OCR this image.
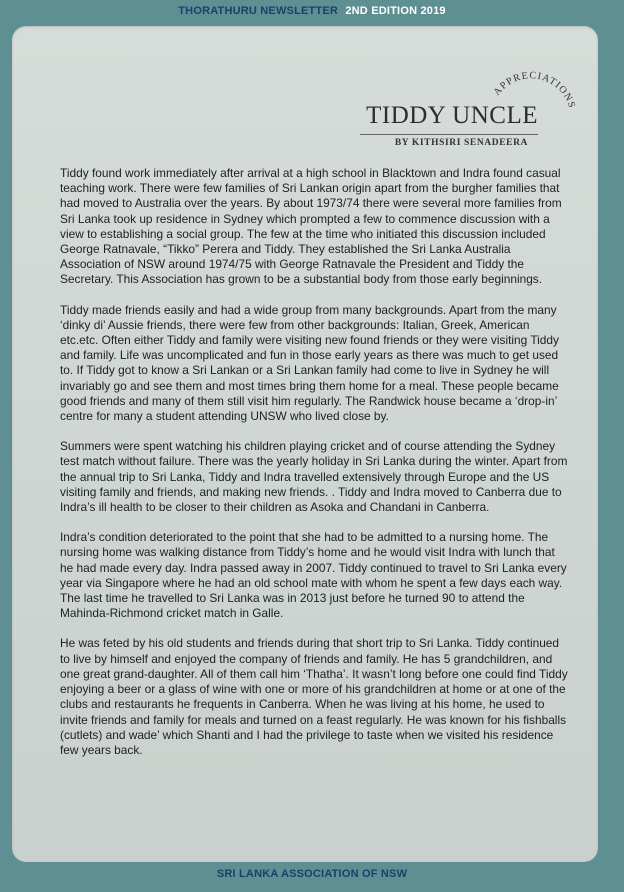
THORATHURU NEWSLETTER 2ND EDITION 2019
APPRECIATIONS
TIDDY UNCLE
BY KITHSIRI SENADEERA

Tiddy found work immediately after arrival at a high school in Blacktown and Indra found casual teaching work. There were few families of Sri Lankan origin apart from the burgher families that had moved to Australia over the years. By about 1973/74 there were several more families from Sri Lanka took up residence in Sydney which prompted a few to commence discussion with a view to establishing a social group. The few at the time who initiated this discussion included George Ratnavale, “Tikko” Perera and Tiddy. They established the Sri Lanka Australia Association of NSW around 1974/75 with George Ratnavale the President and Tiddy the Secretary. This Association has grown to be a substantial body from those early beginnings.

Tiddy made friends easily and had a wide group from many backgrounds. Apart from the many ‘dinky di’ Aussie friends, there were few from other backgrounds: Italian, Greek, American etc.etc. Often either Tiddy and family were visiting new found friends or they were visiting Tiddy and family. Life was uncomplicated and fun in those early years as there was much to get used to. If Tiddy got to know a Sri Lankan or a Sri Lankan family had come to live in Sydney he will invariably go and see them and most times bring them home for a meal. These people became good friends and many of them still visit him regularly. The Randwick house became a ‘drop-in’ centre for many a student attending UNSW who lived close by.

Summers were spent watching his children playing cricket and of course attending the Sydney test match without failure. There was the yearly holiday in Sri Lanka during the winter. Apart from the annual trip to Sri Lanka, Tiddy and Indra travelled extensively through Europe and the US visiting family and friends, and making new friends. . Tiddy and Indra moved to Canberra due to Indra’s ill health to be closer to their children as Asoka and Chandani in Canberra.

Indra’s condition deteriorated to the point that she had to be admitted to a nursing home. The nursing home was walking distance from Tiddy’s home and he would visit Indra with lunch that he had made every day. Indra passed away in 2007. Tiddy continued to travel to Sri Lanka every year via Singapore where he had an old school mate with whom he spent a few days each way. The last time he travelled to Sri Lanka was in 2013 just before he turned 90 to attend the Mahinda-Richmond cricket match in Galle.

He was feted by his old students and friends during that short trip to Sri Lanka. Tiddy continued to live by himself and enjoyed the company of friends and family. He has 5 grandchildren, and one great grand-daughter. All of them call him ‘Thatha’. It wasn’t long before one could find Tiddy enjoying a beer or a glass of wine with one or more of his grandchildren at home or at one of the clubs and restaurants he frequents in Canberra. When he was living at his home, he used to invite friends and family for meals and turned on a feast regularly. He was known for his fishballs (cutlets) and wade’ which Shanti and I had the privilege to taste when we visited his residence few years back.

SRI LANKA ASSOCIATION OF NSW
